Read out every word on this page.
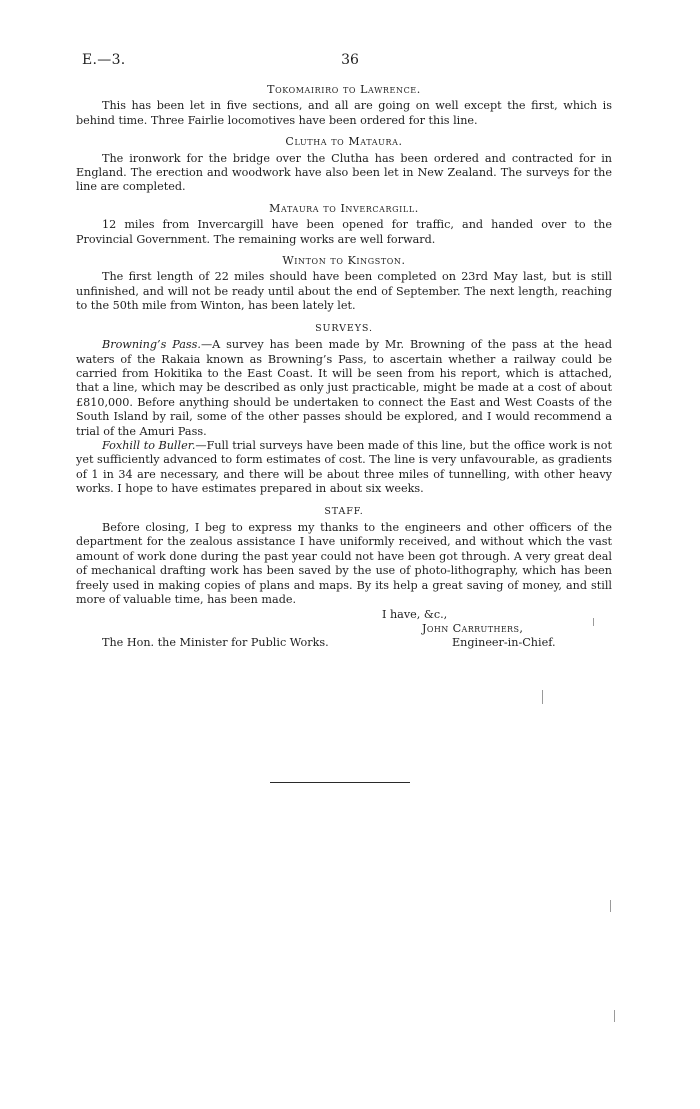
E.—3.	36
Tokomairiro to Lawrence.

This has been let in five sections, and all are going on well except the first, which is behind time. Three Fairlie locomotives have been ordered for this line.

Clutha to Mataura.

The ironwork for the bridge over the Clutha has been ordered and contracted for in England. The erection and woodwork have also been let in New Zealand. The surveys for the line are completed.

Mataura to Invercargill.

12 miles from Invercargill have been opened for traffic, and handed over to the Provincial Government. The remaining works are well forward.

Winton to Kingston.

The first length of 22 miles should have been completed on 23rd May last, but is still unfinished, and will not be ready until about the end of September. The next length, reaching to the 50th mile from Winton, has been lately let.

SURVEYS.

Browning’s Pass.—A survey has been made by Mr. Browning of the pass at the head waters of the Rakaia known as Browning’s Pass, to ascertain whether a railway could be carried from Hokitika to the East Coast. It will be seen from his report, which is attached, that a line, which may be described as only just practicable, might be made at a cost of about £810,000. Before anything should be undertaken to connect the East and West Coasts of the South Island by rail, some of the other passes should be explored, and I would recommend a trial of the Amuri Pass.

Foxhill to Buller.—Full trial surveys have been made of this line, but the office work is not yet sufficiently advanced to form estimates of cost. The line is very unfavourable, as gradients of 1 in 34 are necessary, and there will be about three miles of tunnelling, with other heavy works. I hope to have estimates prepared in about six weeks.

STAFF.

Before closing, I beg to express my thanks to the engineers and other officers of the department for the zealous assistance I have uniformly received, and without which the vast amount of work done during the past year could not have been got through. A very great deal of mechanical drafting work has been saved by the use of photo-lithography, which has been freely used in making copies of plans and maps. By its help a great saving of money, and still more of valuable time, has been made.

I have, &c.,
John Carruthers,
The Hon. the Minister for Public Works.	Engineer-in-Chief.
